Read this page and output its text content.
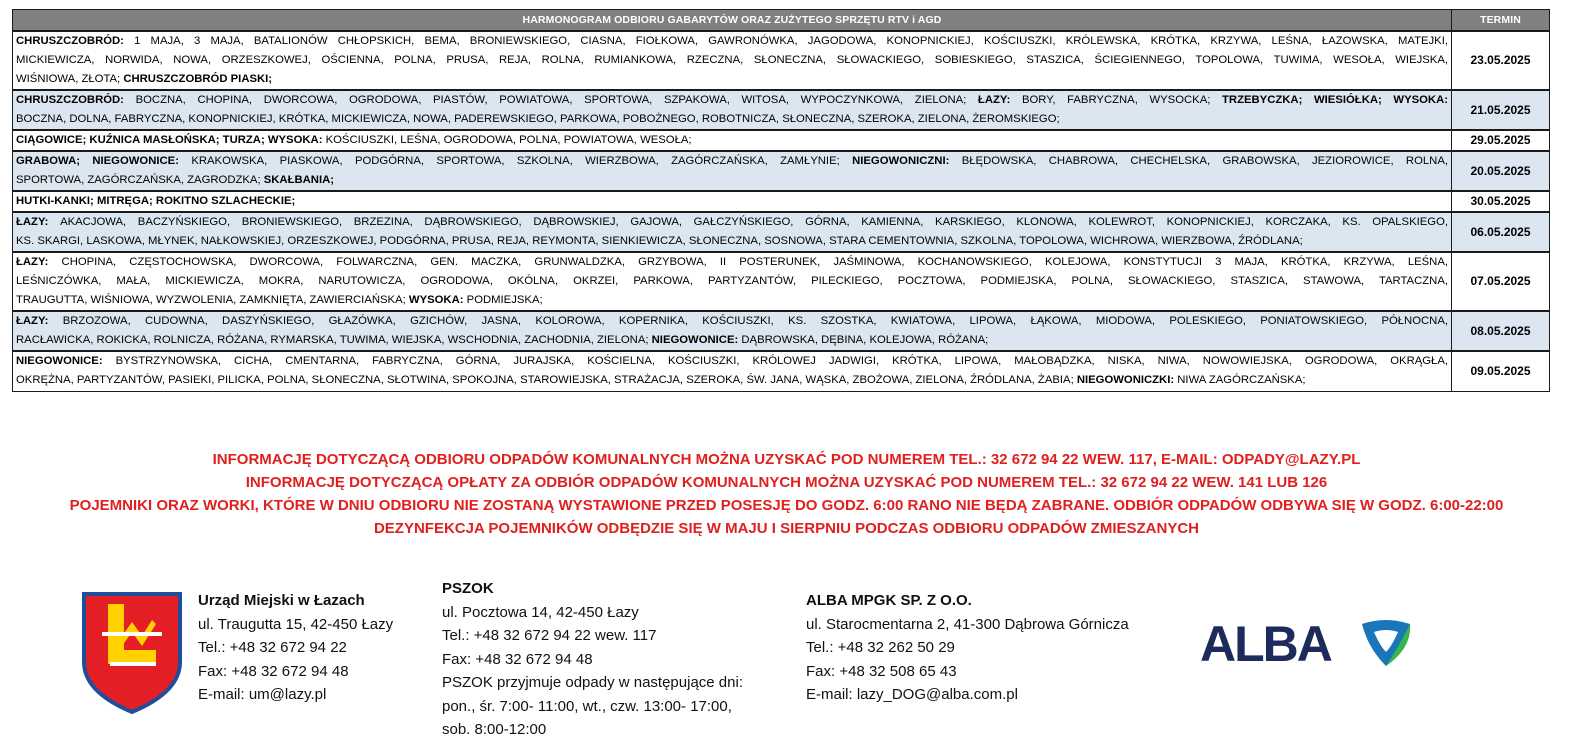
HARMONOGRAM ODBIORU GABARYTÓW ORAZ ZUŻYTEGO SPRZĘTU RTV i AGD	TERMIN

CHRUSZCZOBRÓD: 1 MAJA, 3 MAJA, BATALIONÓW CHŁOPSKICH, BEMA, BRONIEWSKIEGO, CIASNA, FIOŁKOWA, GAWRONÓWKA, JAGODOWA, KONOPNICKIEJ, KOŚCIUSZKI, KRÓLEWSKA, KRÓTKA, KRZYWA, LEŚNA, ŁAZOWSKA, MATEJKI,
MICKIEWICZA, NORWIDA, NOWA, ORZESZKOWEJ, OŚCIENNA, POLNA, PRUSA, REJA, ROLNA, RUMIANKOWA, RZECZNA, SŁONECZNA, SŁOWACKIEGO, SOBIESKIEGO, STASZICA, ŚCIEGIENNEGO, TOPOLOWA, TUWIMA, WESOŁA, WIEJSKA,
WIŚNIOWA, ZŁOTA; CHRUSZCZOBRÓD PIASKI;	23.05.2025

CHRUSZCZOBRÓD: BOCZNA, CHOPINA, DWORCOWA, OGRODOWA, PIASTÓW, POWIATOWA, SPORTOWA, SZPAKOWA, WITOSA, WYPOCZYNKOWA, ZIELONA; ŁAZY: BORY, FABRYCZNA, WYSOCKA; TRZEBYCZKA; WIESIÓŁKA; WYSOKA:
BOCZNA, DOLNA, FABRYCZNA, KONOPNICKIEJ, KRÓTKA, MICKIEWICZA, NOWA, PADEREWSKIEGO, PARKOWA, POBOŻNEGO, ROBOTNICZA, SŁONECZNA, SZEROKA, ZIELONA, ŻEROMSKIEGO;	21.05.2025

CIĄGOWICE; KUŹNICA MASŁOŃSKA; TURZA; WYSOKA: KOŚCIUSZKI, LEŚNA, OGRODOWA, POLNA, POWIATOWA, WESOŁA;	29.05.2025

GRABOWA; NIEGOWONICE: KRAKOWSKA, PIASKOWA, PODGÓRNA, SPORTOWA, SZKOLNA, WIERZBOWA, ZAGÓRCZAŃSKA, ZAMŁYNIE; NIEGOWONICZNI: BŁĘDOWSKA, CHABROWA, CHECHELSKA, GRABOWSKA, JEZIOROWICE, ROLNA,
SPORTOWA, ZAGÓRCZAŃSKA, ZAGRODZKA; SKAŁBANIA;	20.05.2025

HUTKI-KANKI; MITRĘGA; ROKITNO SZLACHECKIE;	30.05.2025

ŁAZY: AKACJOWA, BACZYŃSKIEGO, BRONIEWSKIEGO, BRZEZINA, DĄBROWSKIEGO, DĄBROWSKIEJ, GAJOWA, GAŁCZYŃSKIEGO, GÓRNA, KAMIENNA, KARSKIEGO, KLONOWA, KOLEWROT, KONOPNICKIEJ, KORCZAKA, KS. OPALSKIEGO,
KS. SKARGI, LASKOWA, MŁYNEK, NAŁKOWSKIEJ, ORZESZKOWEJ, PODGÓRNA, PRUSA, REJA, REYMONTA, SIENKIEWICZA, SŁONECZNA, SOSNOWA, STARA CEMENTOWNIA, SZKOLNA, TOPOLOWA, WICHROWA, WIERZBOWA, ŹRÓDLANA;	06.05.2025

ŁAZY: CHOPINA, CZĘSTOCHOWSKA, DWORCOWA, FOLWARCZNA, GEN. MACZKA, GRUNWALDZKA, GRZYBOWA, II POSTERUNEK, JAŚMINOWA, KOCHANOWSKIEGO, KOLEJOWA, KONSTYTUCJI 3 MAJA, KRÓTKA, KRZYWA, LEŚNA,
LEŚNICZÓWKA, MAŁA, MICKIEWICZA, MOKRA, NARUTOWICZA, OGRODOWA, OKÓLNA, OKRZEI, PARKOWA, PARTYZANTÓW, PILECKIEGO, POCZTOWA, PODMIEJSKA, POLNA, SŁOWACKIEGO, STASZICA, STAWOWA, TARTACZNA,
TRAUGUTTA, WIŚNIOWA, WYZWOLENIA, ZAMKNIĘTA, ZAWIERCIAŃSKA; WYSOKA: PODMIEJSKA;	07.05.2025

ŁAZY: BRZOZOWA, CUDOWNA, DASZYŃSKIEGO, GŁAZÓWKA, GZICHÓW, JASNA, KOLOROWA, KOPERNIKA, KOŚCIUSZKI, KS. SZOSTKA, KWIATOWA, LIPOWA, ŁĄKOWA, MIODOWA, POLESKIEGO, PONIATOWSKIEGO, PÓŁNOCNA,
RACŁAWICKA, ROKICKA, ROLNICZA, RÓŻANA, RYMARSKA, TUWIMA, WIEJSKA, WSCHODNIA, ZACHODNIA, ZIELONA; NIEGOWONICE: DĄBROWSKA, DĘBINA, KOLEJOWA, RÓŻANA;	08.05.2025

NIEGOWONICE: BYSTRZYNOWSKA, CICHA, CMENTARNA, FABRYCZNA, GÓRNA, JURAJSKA, KOŚCIELNA, KOŚCIUSZKI, KRÓLOWEJ JADWIGI, KRÓTKA, LIPOWA, MAŁOBĄDZKA, NISKA, NIWA, NOWOWIEJSKA, OGRODOWA, OKRĄGŁA,
OKRĘŻNA, PARTYZANTÓW, PASIEKI, PILICKA, POLNA, SŁONECZNA, SŁOTWINA, SPOKOJNA, STAROWIEJSKA, STRAŻACJA, SZEROKA, ŚW. JANA, WĄSKA, ZBOŻOWA, ZIELONA, ŹRÓDLANA, ŻABIA; NIEGOWONICZKI: NIWA ZAGÓRCZAŃSKA;	09.05.2025
INFORMACJĘ DOTYCZĄCĄ ODBIORU ODPADÓW KOMUNALNYCH MOŻNA UZYSKAĆ POD NUMEREM TEL.: 32 672 94 22 WEW. 117, E-MAIL: ODPADY@LAZY.PL
INFORMACJĘ DOTYCZĄCĄ OPŁATY ZA ODBIÓR ODPADÓW KOMUNALNYCH MOŻNA UZYSKAĆ POD NUMEREM TEL.: 32 672 94 22 WEW. 141 LUB 126
POJEMNIKI ORAZ WORKI, KTÓRE W DNIU ODBIORU NIE ZOSTANĄ WYSTAWIONE PRZED POSESJĘ DO GODZ. 6:00 RANO NIE BĘDĄ ZABRANE. ODBIÓR ODPADÓW ODBYWA SIĘ W GODZ. 6:00-22:00
DEZYNFEKCJA POJEMNIKÓW ODBĘDZIE SIĘ W MAJU I SIERPNIU PODCZAS ODBIORU ODPADÓW ZMIESZANYCH
Urząd Miejski w Łazach
ul. Traugutta 15, 42-450 Łazy
Tel.: +48 32 672 94 22
Fax: +48 32 672 94 48
E-mail: um@lazy.pl
PSZOK
ul. Pocztowa 14, 42-450 Łazy
Tel.: +48 32 672 94 22 wew. 117
Fax: +48 32 672 94 48
PSZOK przyjmuje odpady w następujące dni:
pon., śr. 7:00- 11:00, wt., czw. 13:00- 17:00,
sob. 8:00-12:00
ALBA MPGK SP. Z O.O.
ul. Starocmentarna 2, 41-300 Dąbrowa Górnicza
Tel.: +48 32 262 50 29
Fax: +48 32 508 65 43
E-mail: lazy_DOG@alba.com.pl
ALBA
